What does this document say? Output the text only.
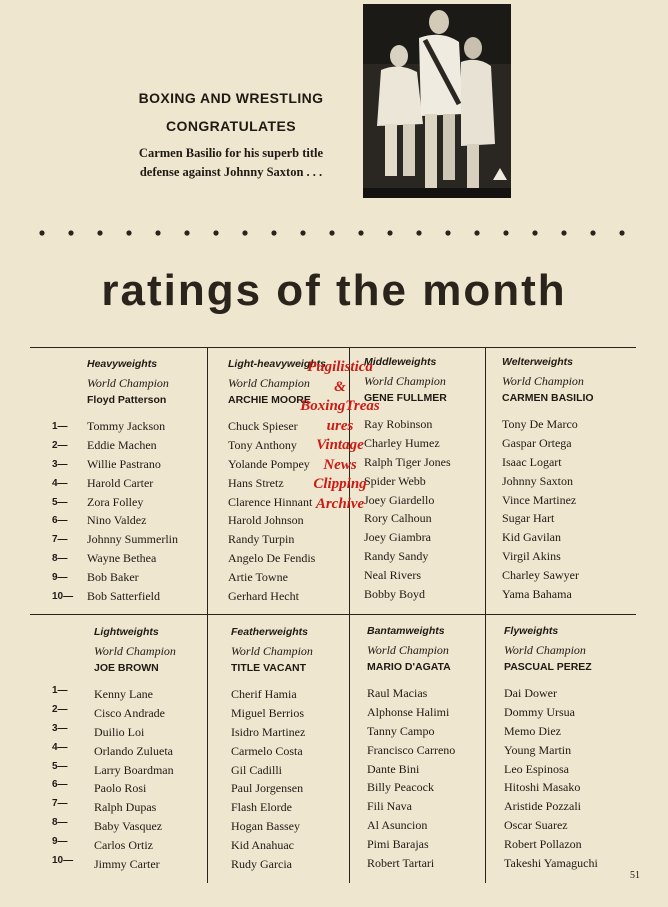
BOXING AND WRESTLING
CONGRATULATES
Carmen Basilio for his superb title
defense against Johnny Saxton . . .
ratings of the month
1—
2—
3—
4—
5—
6—
7—
8—
9—
10—
1—
2—
3—
4—
5—
6—
7—
8—
9—
10—
Heavyweights
World Champion
Floyd Patterson
Tommy Jackson
Eddie Machen
Willie Pastrano
Harold Carter
Zora Folley
Nino Valdez
Johnny Summerlin
Wayne Bethea
Bob Baker
Bob Satterfield
Light-heavyweights
World Champion
ARCHIE MOORE
Chuck Spieser
Tony Anthony
Yolande Pompey
Hans Stretz
Clarence Hinnant
Harold Johnson
Randy Turpin
Angelo De Fendis
Artie Towne
Gerhard Hecht
Middleweights
World Champion
GENE FULLMER
Ray Robinson
Charley Humez
Ralph Tiger Jones
Spider Webb
Joey Giardello
Rory Calhoun
Joey Giambra
Randy Sandy
Neal Rivers
Bobby Boyd
Welterweights
World Champion
CARMEN BASILIO
Tony De Marco
Gaspar Ortega
Isaac Logart
Johnny Saxton
Vince Martinez
Sugar Hart
Kid Gavilan
Virgil Akins
Charley Sawyer
Yama Bahama
Lightweights
World Champion
JOE BROWN
Kenny Lane
Cisco Andrade
Duilio Loi
Orlando Zulueta
Larry Boardman
Paolo Rosi
Ralph Dupas
Baby Vasquez
Carlos Ortiz
Jimmy Carter
Featherweights
World Champion
TITLE VACANT
Cherif Hamia
Miguel Berrios
Isidro Martinez
Carmelo Costa
Gil Cadilli
Paul Jorgensen
Flash Elorde
Hogan Bassey
Kid Anahuac
Rudy Garcia
Bantamweights
World Champion
MARIO D'AGATA
Raul Macias
Alphonse Halimi
Tanny Campo
Francisco Carreno
Dante Bini
Billy Peacock
Fili Nava
Al Asuncion
Pimi Barajas
Robert Tartari
Flyweights
World Champion
PASCUAL PEREZ
Dai Dower
Dommy Ursua
Memo Diez
Young Martin
Leo Espinosa
Hitoshi Masako
Aristide Pozzali
Oscar Suarez
Robert Pollazon
Takeshi Yamaguchi
Pugilistica
&
BoxingTreas
ures
Vintage
News
Clipping
Archive
51
